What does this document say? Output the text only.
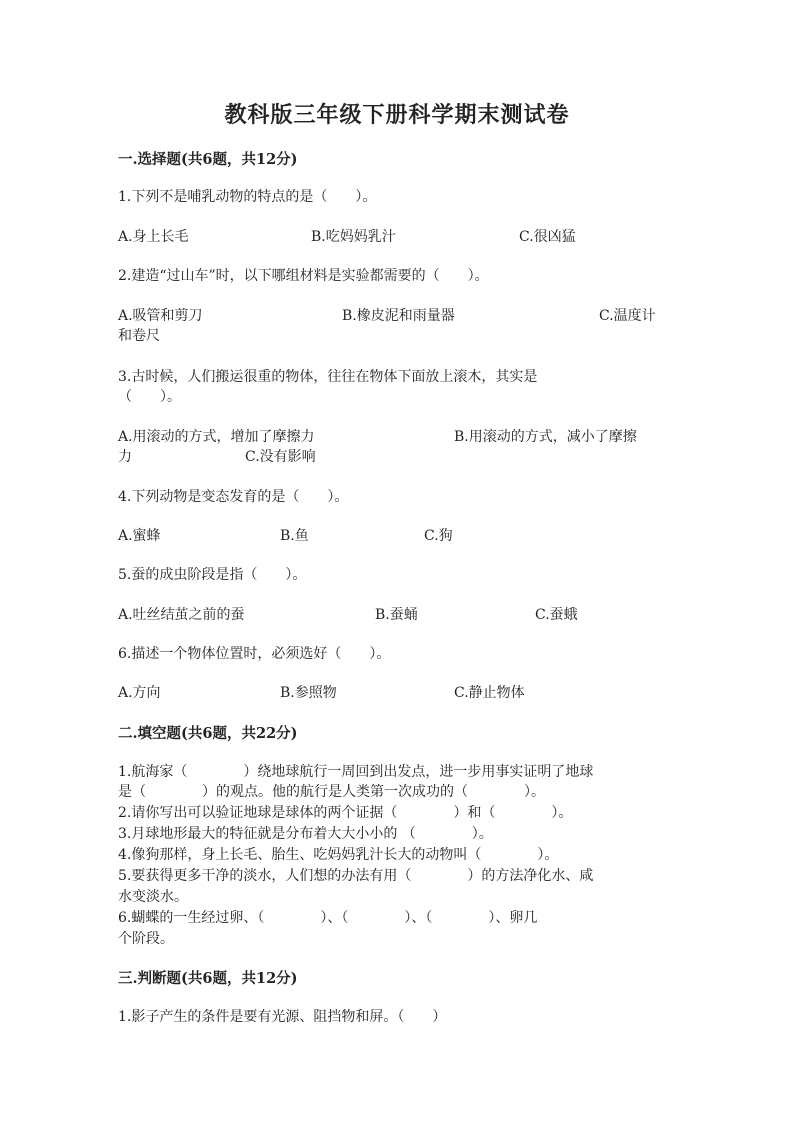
教科版三年级下册科学期末测试卷
一.选择题(共6题，共12分)
1.下列不是哺乳动物的特点的是（　　）。
A.身上长毛	B.吃妈妈乳汁	C.很凶猛
2.建造“过山车”时，以下哪组材料是实验都需要的（　　）。
A.吸管和剪刀	B.橡皮泥和雨量器	C.温度计
和卷尺
3.古时候，人们搬运很重的物体，往往在物体下面放上滚木，其实是
（　　）。
A.用滚动的方式，增加了摩擦力	B.用滚动的方式，减小了摩擦
力	C.没有影响
4.下列动物是变态发育的是（　　）。
A.蜜蜂	B.鱼	C.狗
5.蚕的成虫阶段是指（　　）。
A.吐丝结茧之前的蚕	B.蚕蛹	C.蚕蛾
6.描述一个物体位置时，必须选好（　　）。
A.方向	B.参照物	C.静止物体
二.填空题(共6题，共22分)
1.航海家（　　　　）绕地球航行一周回到出发点，进一步用事实证明了地球
是（　　　　）的观点。他的航行是人类第一次成功的（　　　　）。
2.请你写出可以验证地球是球体的两个证据（　　　　）和（　　　　）。
3.月球地形最大的特征就是分布着大大小小的 （　　　　）。
4.像狗那样，身上长毛、胎生、吃妈妈乳汁长大的动物叫（　　　　）。
5.要获得更多干净的淡水，人们想的办法有用（　　　　）的方法净化水、咸
水变淡水。
6.蝴蝶的一生经过卵、（　　　　）、（　　　　）、（　　　　）、卵几
个阶段。
三.判断题(共6题，共12分)
1.影子产生的条件是要有光源、阻挡物和屏。（　　）
